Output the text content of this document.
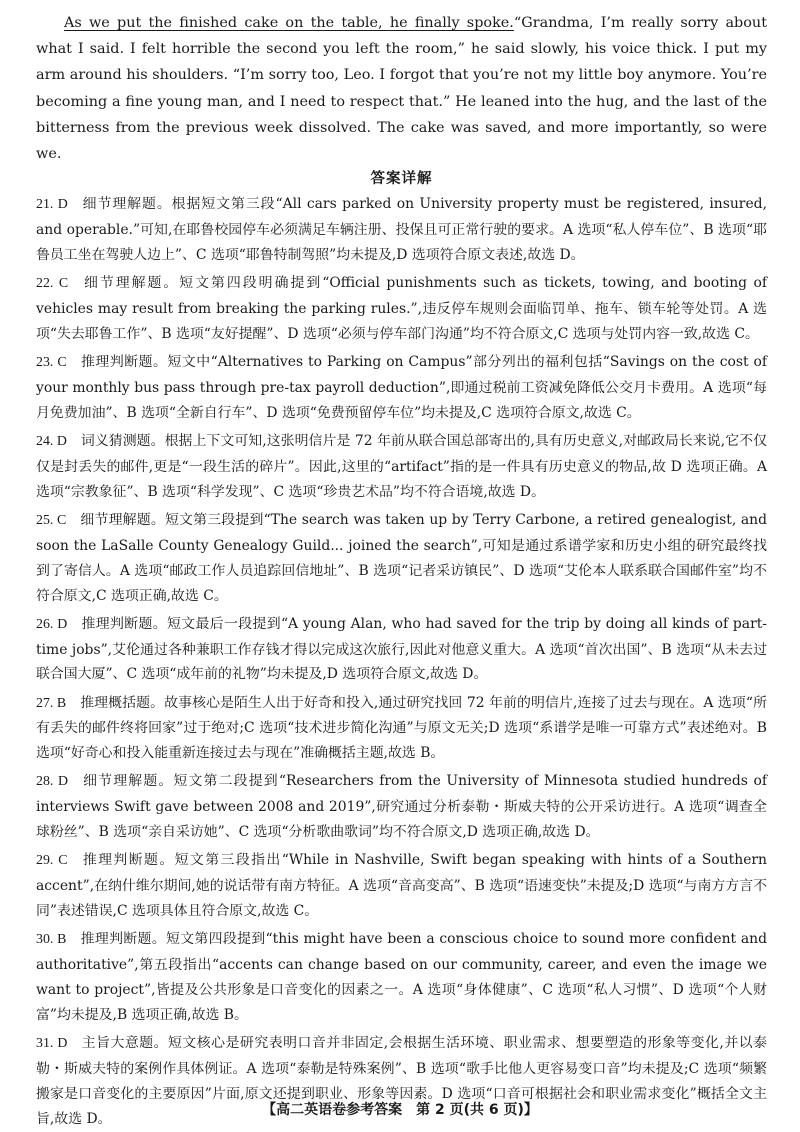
As we put the finished cake on the table, he finally spoke.“Grandma, I’m really sorry about what I said. I felt horrible the second you left the room,” he said slowly, his voice thick. I put my arm around his shoulders. “I’m sorry too, Leo. I forgot that you’re not my little boy anymore. You’re becoming a fine young man, and I need to respect that.” He leaned into the hug, and the last of the bitterness from the previous week dissolved. The cake was saved, and more importantly, so were we.

答案详解

21. D  细节理解题。根据短文第三段“All cars parked on University property must be registered, insured, and operable.”可知,在耶鲁校园停车必须满足车辆注册、投保且可正常行驶的要求。A 选项“私人停车位”、B 选项“耶鲁员工坐在驾驶人边上”、C 选项“耶鲁特制驾照”均未提及,D 选项符合原文表述,故选 D。

22. C  细节理解题。短文第四段明确提到“Official punishments such as tickets, towing, and booting of vehicles may result from breaking the parking rules.”,违反停车规则会面临罚单、拖车、锁车轮等处罚。A 选项“失去耶鲁工作”、B 选项“友好提醒”、D 选项“必须与停车部门沟通”均不符合原文,C 选项与处罚内容一致,故选 C。

23. C  推理判断题。短文中“Alternatives to Parking on Campus”部分列出的福利包括“Savings on the cost of your monthly bus pass through pre-tax payroll deduction”,即通过税前工资减免降低公交月卡费用。A 选项“每月免费加油”、B 选项“全新自行车”、D 选项“免费预留停车位”均未提及,C 选项符合原文,故选 C。

24. D  词义猜测题。根据上下文可知,这张明信片是 72 年前从联合国总部寄出的,具有历史意义,对邮政局长来说,它不仅仅是封丢失的邮件,更是“一段生活的碎片”。因此,这里的“artifact”指的是一件具有历史意义的物品,故 D 选项正确。A 选项“宗教象征”、B 选项“科学发现”、C 选项“珍贵艺术品”均不符合语境,故选 D。

25. C  细节理解题。短文第三段提到“The search was taken up by Terry Carbone, a retired genealogist, and soon the LaSalle County Genealogy Guild... joined the search”,可知是通过系谱学家和历史小组的研究最终找到了寄信人。A 选项“邮政工作人员追踪回信地址”、B 选项“记者采访镇民”、D 选项“艾伦本人联系联合国邮件室”均不符合原文,C 选项正确,故选 C。

26. D  推理判断题。短文最后一段提到“A young Alan, who had saved for the trip by doing all kinds of part-time jobs”,艾伦通过各种兼职工作存钱才得以完成这次旅行,因此对他意义重大。A 选项“首次出国”、B 选项“从未去过联合国大厦”、C 选项“成年前的礼物”均未提及,D 选项符合原文,故选 D。

27. B  推理概括题。故事核心是陌生人出于好奇和投入,通过研究找回 72 年前的明信片,连接了过去与现在。A 选项“所有丢失的邮件终将回家”过于绝对;C 选项“技术进步简化沟通”与原文无关;D 选项“系谱学是唯一可靠方式”表述绝对。B 选项“好奇心和投入能重新连接过去与现在”准确概括主题,故选 B。

28. D  细节理解题。短文第二段提到“Researchers from the University of Minnesota studied hundreds of interviews Swift gave between 2008 and 2019”,研究通过分析泰勒・斯威夫特的公开采访进行。A 选项“调查全球粉丝”、B 选项“亲自采访她”、C 选项“分析歌曲歌词”均不符合原文,D 选项正确,故选 D。

29. C  推理判断题。短文第三段指出“While in Nashville, Swift began speaking with hints of a Southern accent”,在纳什维尔期间,她的说话带有南方特征。A 选项“音高变高”、B 选项“语速变快”未提及;D 选项“与南方方言不同”表述错误,C 选项具体且符合原文,故选 C。

30. B  推理判断题。短文第四段提到“this might have been a conscious choice to sound more confident and authoritative”,第五段指出“accents can change based on our community, career, and even the image we want to project”,皆提及公共形象是口音变化的因素之一。A 选项“身体健康”、C 选项“私人习惯”、D 选项“个人财富”均未提及,B 选项正确,故选 B。

31. D  主旨大意题。短文核心是研究表明口音并非固定,会根据生活环境、职业需求、想要塑造的形象等变化,并以泰勒・斯威夫特的案例作具体例证。A 选项“泰勒是特殊案例”、B 选项“歌手比他人更容易变口音”均未提及;C 选项“频繁搬家是口音变化的主要原因”片面,原文还提到职业、形象等因素。D 选项“口音可根据社会和职业需求变化”概括全文主旨,故选 D。

【高二英语卷参考答案　第 2 页(共 6 页)】
